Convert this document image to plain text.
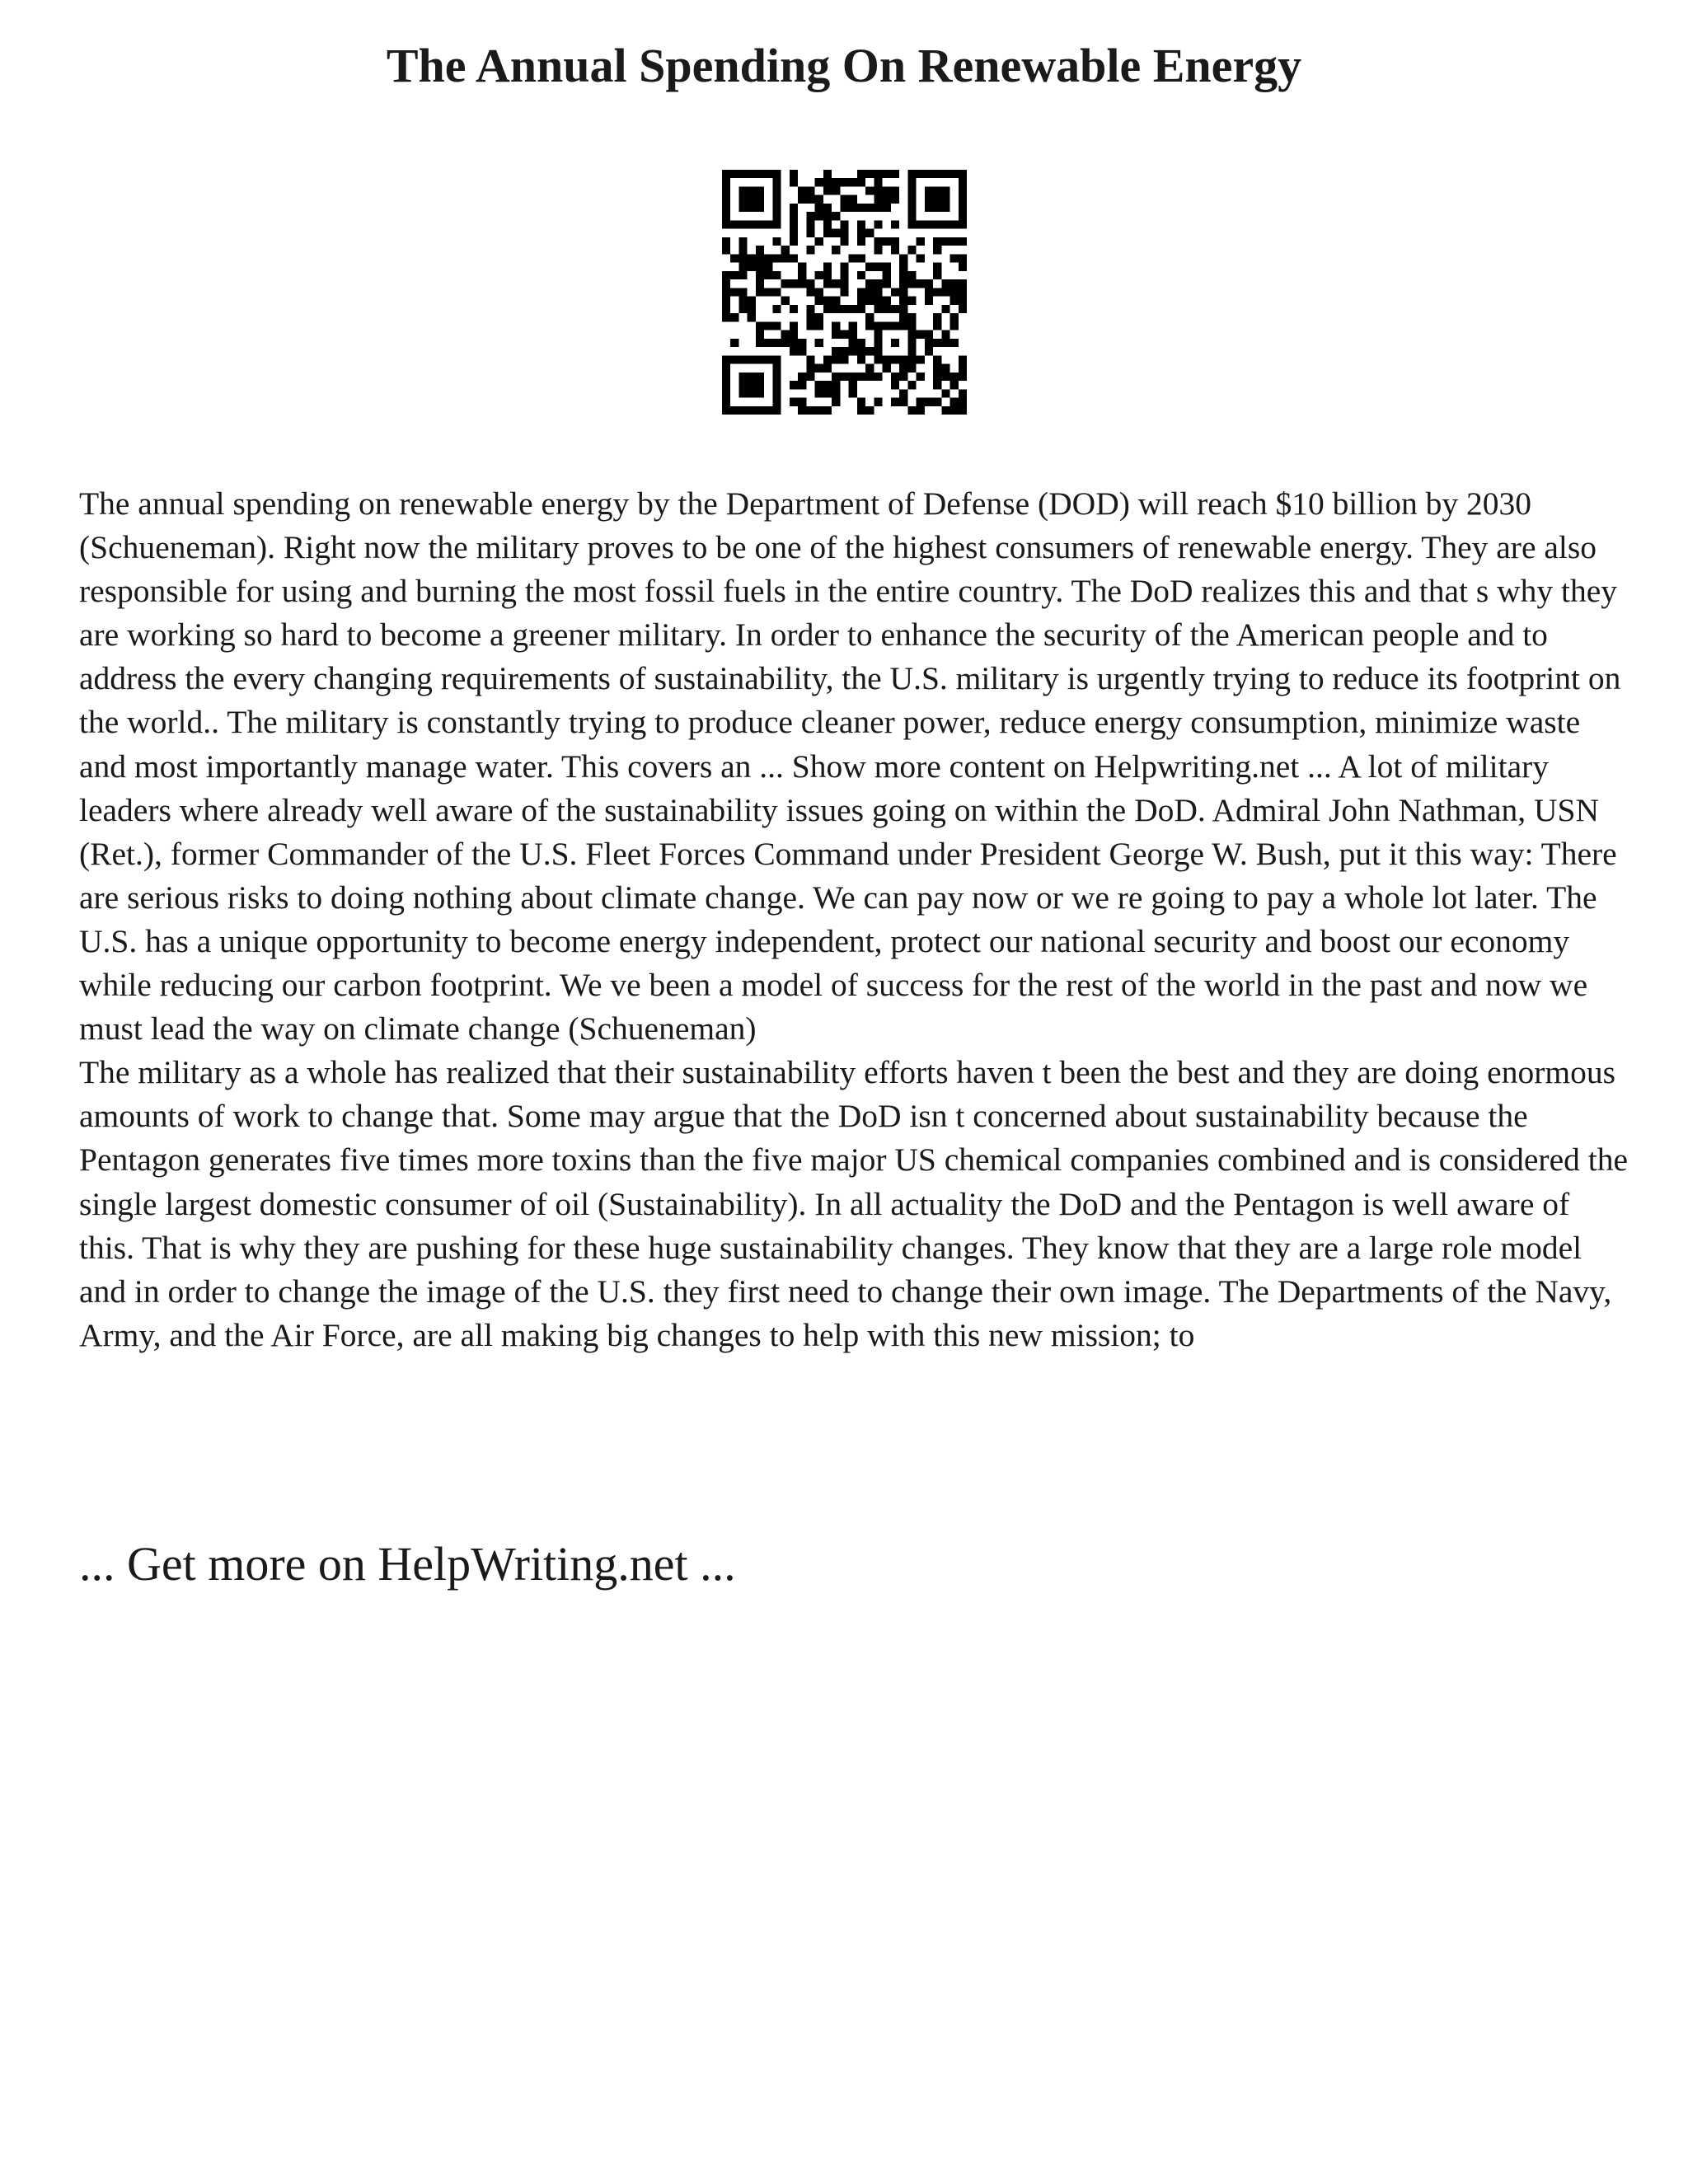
The Annual Spending On Renewable Energy

The annual spending on renewable energy by the Department of Defense (DOD) will reach $10 billion by 2030 (Schueneman). Right now the military proves to be one of the highest consumers of renewable energy. They are also responsible for using and burning the most fossil fuels in the entire country. The DoD realizes this and that s why they are working so hard to become a greener military. In order to enhance the security of the American people and to address the every changing requirements of sustainability, the U.S. military is urgently trying to reduce its footprint on the world.. The military is constantly trying to produce cleaner power, reduce energy consumption, minimize waste and most importantly manage water. This covers an ... Show more content on Helpwriting.net ... A lot of military leaders where already well aware of the sustainability issues going on within the DoD. Admiral John Nathman, USN (Ret.), former Commander of the U.S. Fleet Forces Command under President George W. Bush, put it this way: There are serious risks to doing nothing about climate change. We can pay now or we re going to pay a whole lot later. The U.S. has a unique opportunity to become energy independent, protect our national security and boost our economy while reducing our carbon footprint. We ve been a model of success for the rest of the world in the past and now we must lead the way on climate change (Schueneman)

The military as a whole has realized that their sustainability efforts haven t been the best and they are doing enormous amounts of work to change that. Some may argue that the DoD isn t concerned about sustainability because the Pentagon generates five times more toxins than the five major US chemical companies combined and is considered the single largest domestic consumer of oil (Sustainability). In all actuality the DoD and the Pentagon is well aware of this. That is why they are pushing for these huge sustainability changes. They know that they are a large role model and in order to change the image of the U.S. they first need to change their own image. The Departments of the Navy, Army, and the Air Force, are all making big changes to help with this new mission; to

... Get more on HelpWriting.net ...
